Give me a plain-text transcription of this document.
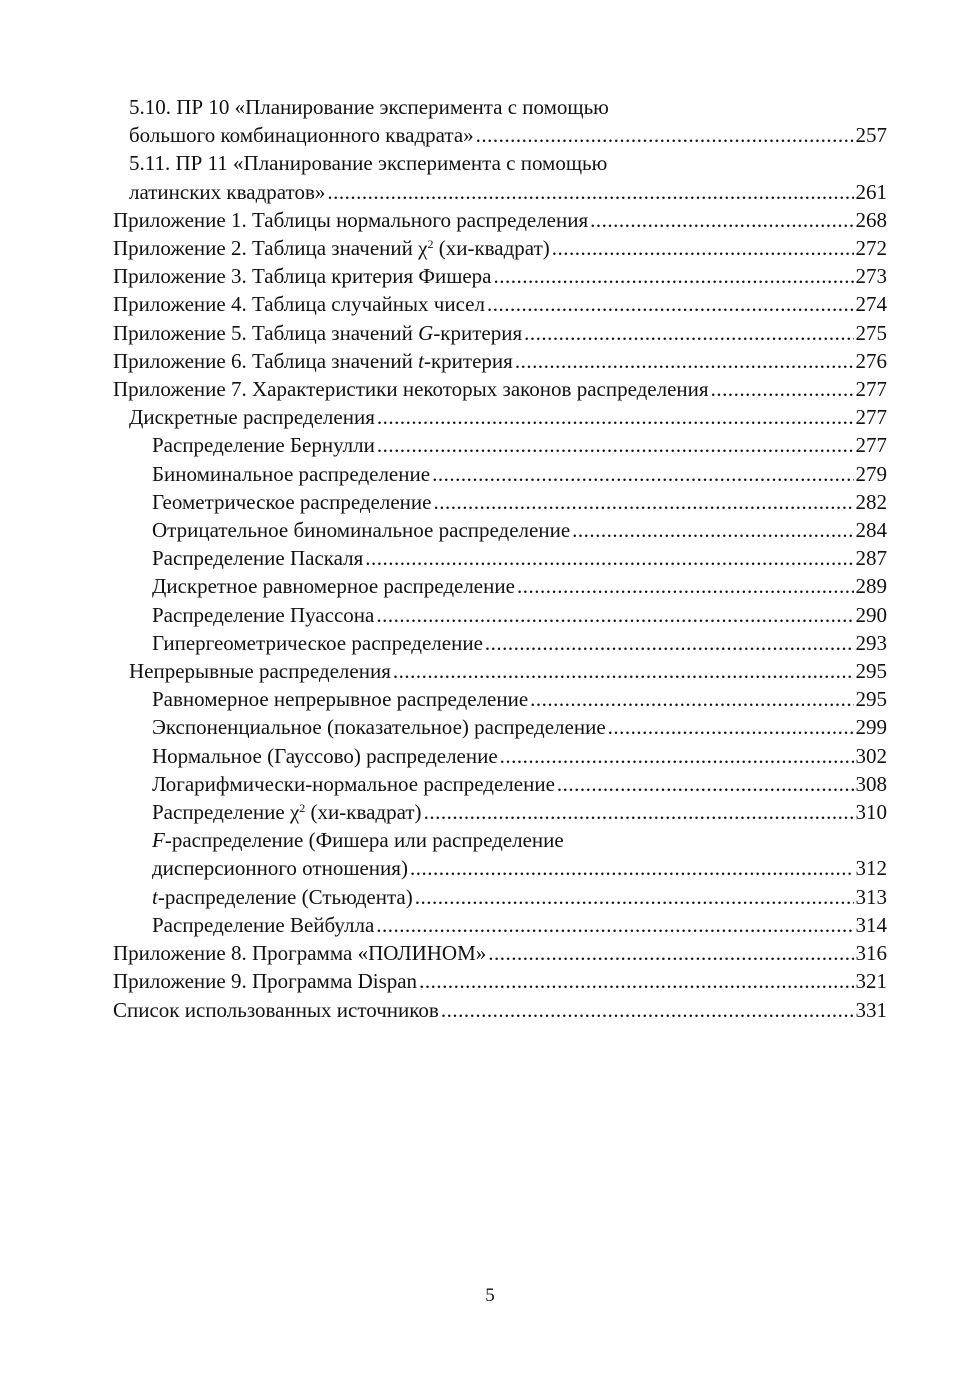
5.10. ПР 10 «Планирование эксперимента с помощью
большого комбинационного квадрата» .....	257
5.11. ПР 11 «Планирование эксперимента с помощью
латинских квадратов» .....	261
Приложение 1. Таблицы нормального распределения .....	268
Приложение 2. Таблица значений $\chi^2$ (хи-квадрат) .....	272
Приложение 3. Таблица критерия Фишера .....	273
Приложение 4. Таблица случайных чисел .....	274
Приложение 5. Таблица значений G-критерия .....	275
Приложение 6. Таблица значений t-критерия .....	276
Приложение 7. Характеристики некоторых законов распределения .....	277
Дискретные распределения .....	277
Распределение Бернулли .....	277
Биноминальное распределение .....	279
Геометрическое распределение .....	282
Отрицательное биноминальное распределение .....	284
Распределение Паскаля .....	287
Дискретное равномерное распределение .....	289
Распределение Пуассона .....	290
Гипергеометрическое распределение .....	293
Непрерывные распределения .....	295
Равномерное непрерывное распределение .....	295
Экспоненциальное (показательное) распределение .....	299
Нормальное (Гауссово) распределение .....	302
Логарифмически-нормальное распределение .....	308
Распределение $\chi^2$ (хи-квадрат) .....	310
F-распределение (Фишера или распределение
дисперсионного отношения) .....	312
t-распределение (Стьюдента) .....	313
Распределение Вейбулла .....	314
Приложение 8. Программа «ПОЛИНОМ» .....	316
Приложение 9. Программа Dispan .....	321
Список использованных источников .....	331
5
